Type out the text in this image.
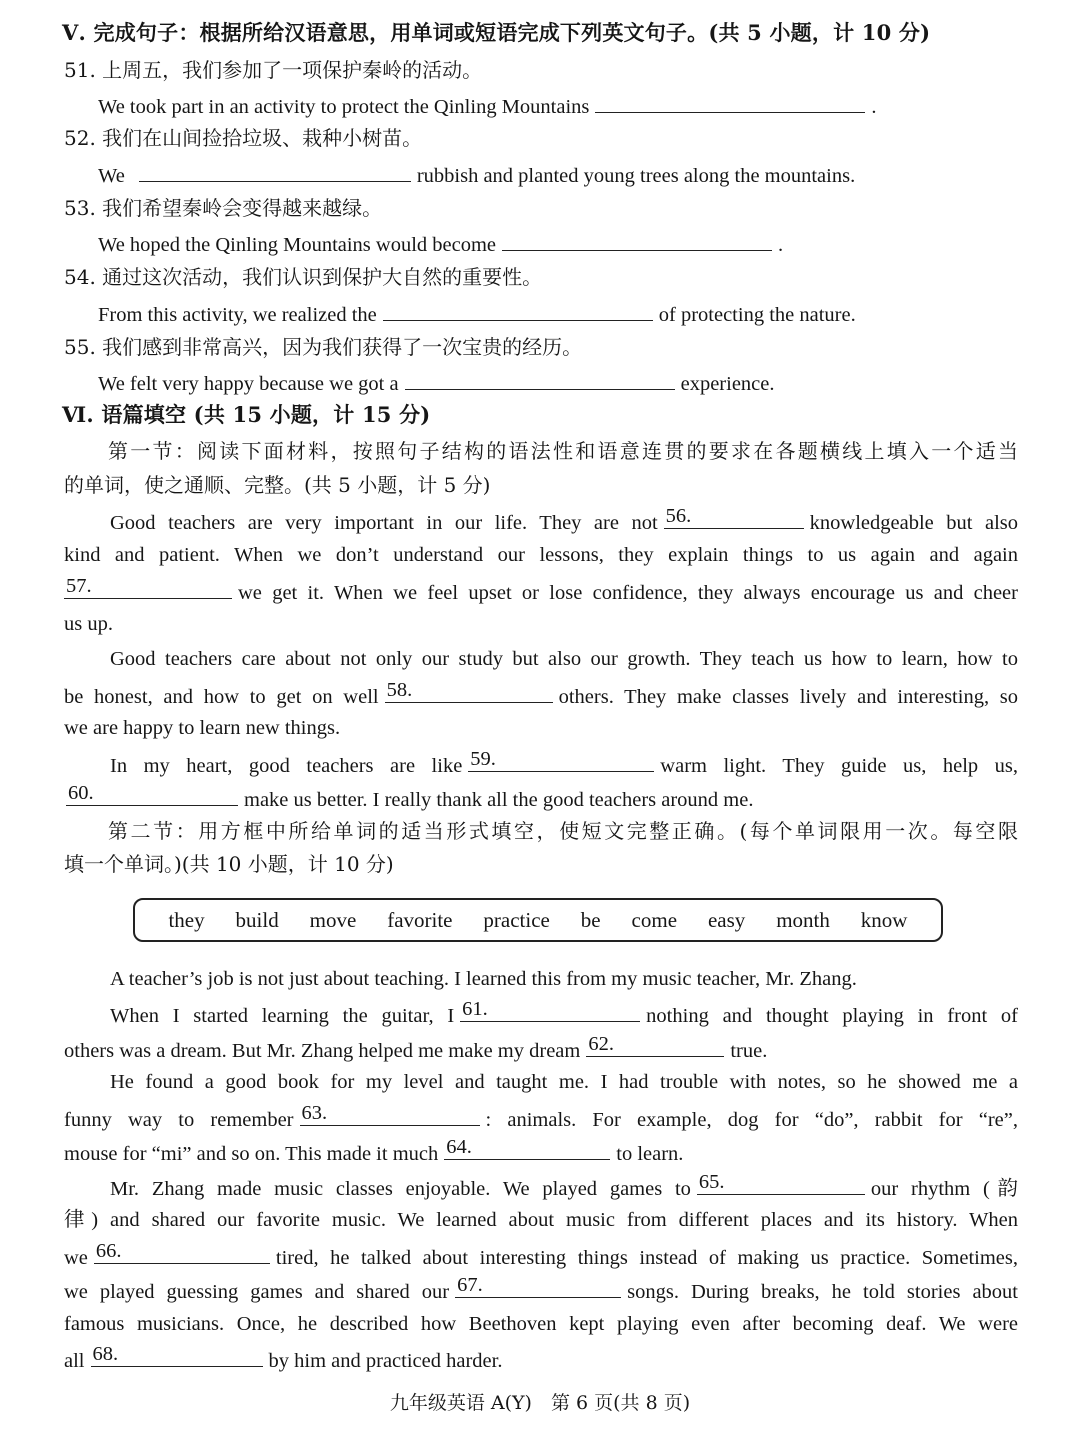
Ⅴ. 完成句子：根据所给汉语意思，用单词或短语完成下列英文句子。(共 5 小题，计 10 分)
51. 上周五，我们参加了一项保护秦岭的活动。
We took part in an activity to protect the Qinling Mountains	.
52. 我们在山间捡拾垃圾、栽种小树苗。
We	rubbish and planted young trees along the mountains.
53. 我们希望秦岭会变得越来越绿。
We hoped the Qinling Mountains would become	.
54. 通过这次活动，我们认识到保护大自然的重要性。
From this activity, we realized the	of protecting the nature.
55. 我们感到非常高兴，因为我们获得了一次宝贵的经历。
We felt very happy because we got a	experience.
Ⅵ. 语篇填空 (共 15 小题，计 15 分)
第一节：阅读下面材料，按照句子结构的语法性和语意连贯的要求在各题横线上填入一个适当
的单词，使之通顺、完整。(共 5 小题，计 5 分)
Good teachers are very important in our life. They are not 56.	knowledgeable but also
kind and patient. When we don’t understand our lessons, they explain things to us again and again
57.	we get it. When we feel upset or lose confidence, they always encourage us and cheer
us up.
Good teachers care about not only our study but also our growth. They teach us how to learn, how to
be honest, and how to get on well 58.	others. They make classes lively and interesting, so
we are happy to learn new things.
In my heart, good teachers are like 59.	warm light. They guide us, help us,
60.	make us better. I really thank all the good teachers around me.
第二节：用方框中所给单词的适当形式填空，使短文完整正确。(每个单词限用一次。每空限
填一个单词。)(共 10 小题，计 10 分)
they build move favorite practice be come easy month know
A teacher’s job is not just about teaching. I learned this from my music teacher, Mr. Zhang.
When I started learning the guitar, I 61.	nothing and thought playing in front of
others was a dream. But Mr. Zhang helped me make my dream 62.	true.
He found a good book for my level and taught me. I had trouble with notes, so he showed me a
funny way to remember 63.	: animals. For example, dog for “do”, rabbit for “re”,
mouse for “mi” and so on. This made it much 64.	to learn.
Mr. Zhang made music classes enjoyable. We played games to 65.	our rhythm (韵
律) and shared our favorite music. We learned about music from different places and its history. When
we 66.	tired, he talked about interesting things instead of making us practice. Sometimes,
we played guessing games and shared our 67.	songs. During breaks, he told stories about
famous musicians. Once, he described how Beethoven kept playing even after becoming deaf. We were
all 68.	by him and practiced harder.
九年级英语 A(Y)　第 6 页(共 8 页)
